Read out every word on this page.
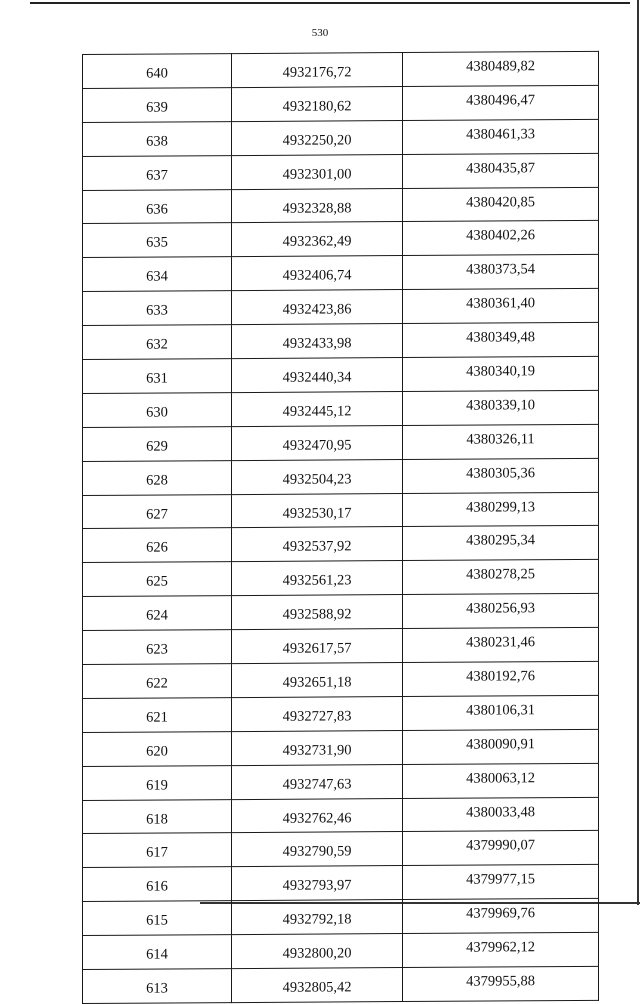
530
640	4932176,72	4380489,82
639	4932180,62	4380496,47
638	4932250,20	4380461,33
637	4932301,00	4380435,87
636	4932328,88	4380420,85
635	4932362,49	4380402,26
634	4932406,74	4380373,54
633	4932423,86	4380361,40
632	4932433,98	4380349,48
631	4932440,34	4380340,19
630	4932445,12	4380339,10
629	4932470,95	4380326,11
628	4932504,23	4380305,36
627	4932530,17	4380299,13
626	4932537,92	4380295,34
625	4932561,23	4380278,25
624	4932588,92	4380256,93
623	4932617,57	4380231,46
622	4932651,18	4380192,76
621	4932727,83	4380106,31
620	4932731,90	4380090,91
619	4932747,63	4380063,12
618	4932762,46	4380033,48
617	4932790,59	4379990,07
616	4932793,97	4379977,15
615	4932792,18	4379969,76
614	4932800,20	4379962,12
613	4932805,42	4379955,88
